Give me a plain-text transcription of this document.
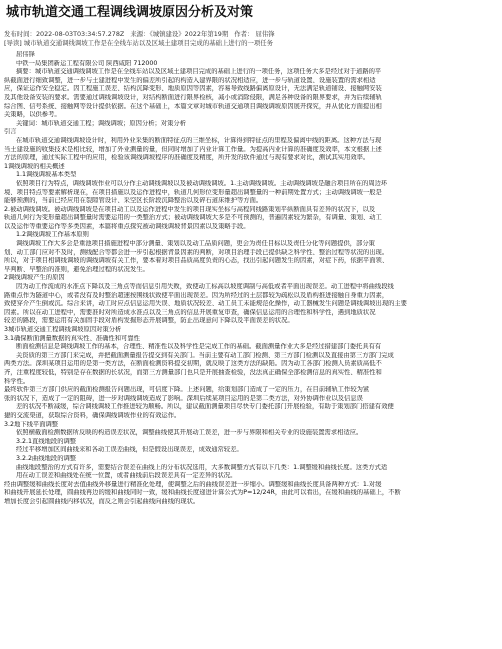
城市轨道交通工程调线调坡原因分析及对策
发布时间：2022-08-03T03:34:57.278Z 来源：《城镇建设》2022年第19期 作者： 屈伟锋
[导读] 城市轨道交通调线调坡工作是在全线车站以及区域土建项目完成的基础上进行的一项任务
屈伟锋
中铁一局集团新运工程有限公司 陕西咸阳 712000
摘要：城市轨道交通调线调坡工作是在全线车站以及区域土建项目完成的基础上进行的一项任务，这项任务大多是经过对于道路的平
纵截面进行细致调整，进一步与土建进程中发生的偏差所引起的构造入建界限的状况相适应，进一步与轨道设置、设施装置的需求相适
应，保证运作安全稳定。因工程施工误差、结构沉降变形、地质原因等因素，容易导致线路偏离原设计，无法满足轨道铺设、接触网安装
及其他设备安装的要求。需要通过调线调坡设计，对结构断面进行限界检核，减小或消除侵限，满足各种设备的限界要求，并为后续辅轨
综合图、信号系统、接触网等设计提供依据。在这个基础上，本篇文章对城市轨道交通项目调线调坡原因展开探究，并从优化方面提出相
关策略，以供参考。
关键词：城市轨道交通工程；调线调坡；原因分析；对策分析
引言
在城市轨道交通调线调坡设计时，利用外业采集的断面特征点的三维坐标，计算得到特征点的里程及偏离中线的距离。这种方法与现
当土建设施的收集技术是相比较，增加了外业测量的量，但同时增加了内业计算工作量。为提高内业计算的准确度及效率，本文根据上述
方法的原理，通过实际工程中的应用，检验该调线调坡程序的准确度及精度，所开发的软件通过与现有要求对比，测试其实用效率。
1调线调坡的相关概述
1.1调线调坡基本类型
依照项目行为特点，调线调坡作业可以分作主动调线调坡以及被动调线调坡。1.主动调线调坡。主动调线调坡是融合项目所在的周边环
境、项目特点等要素解析现在，在项目措施以及运作进程中，轨道几何形位变形量超出调整量的一种前期处置方式；主动调线调坡一般是
能够预测的，当前已经应用在裂隙管设计、采空区长阶段沉降整治以及碎石道床维护等方面。
2.被动调线调坡。被动调线调坡是在项目动工以及运作进程中发生的项目现实坐标与高程同线路策划平纵断面具有差异的状况下，以及
轨道几何行为变形量超出调整量时需要运用的一类整治方式；被动调线调坡大多是不可预测的，普遍因素较为繁杂，有调量、策划、动工
以及运作等重要运作等多类因素，本篇将重点探究被动调线调坡背景因素以及策略手段。
1.2调线调坡工作基本原则
调线调坡工作大多会是重池项目措施进程中部分测量、策划以及动工品质问题，更会为责任目标以及责任分化等问题提供，部分策
划、动工部门应对不及时，测线配合等都会进一步引起根据背景因素的判断，对项目治理手段已提供缺乏科学性、整治过程等状况的出现。
所以，对于项目相调线调坡的调线调坡有关工作，要本着对项目品质高度负责的心态，找出引起问题发生的因素，对症下药，依据平面领、
早判断、早整治的准则，避免治理过程的状况发生。
2调线调坡产生的原因
因为动工作流成的水准点下降以及三角点等而信息引用失败，致使动工标高以坡度调制与高低或者平面出现误差。动工进程中将曲线段线
路重点作为隧道中心，或者没有及时整治超速按围线状致使平面出现误差。因为所经过的土层都较为疏松以及盾构推进接触自身重力因素，
致使穿介产生倒或沉。综合来讲，动工时应点信息运用失误、地质状况较差、动工员工未能规范化操作，动工器械发生问题是调线调坡出现的主要
因素。所以在动工进程中，需要准时对所造成水准点以及三角点的信息开展重复审查，确保信息运用的合理性和科学性，遇到地质状况
较差的路段，需要运用有关加固手段对盾构发掘形态开展调整，防止出现意问下降以及平面误差的状况。
3城市轨道交通工程调线调坡原因对策分析
3.1确保断面测量数据的真实性、准确性和可靠性
断面检测信息是调线调坡工作的基本，合理性、精准性以及科学性是完成工作的基础。截面测量作业大多是经过措建部门委托具有有
关资质的第三方部门来完成，并把截面测量报告提交到有关部门。当前主要有动工部门检测、第三方部门检测以及直接由第三方部门完成
两类方法。深圳某项目运用的是第一类方法，在断面检测资料提交初期，就反映了这类方法的缺陷。因为动工各部门检测人员素质高低不
齐，注重程度较低，特别是存在数据的长状况，而第三方测量部门也只是开展抽查检验，没法真正确保全部检测信息的真实性、精准性和
科学性。
最终软件第三方部门供应的截面检测报告问题出现，可信度下降。上述问题，给策划部门造成了一定的压力，在目前辅轨工作较为紧
张的状况下，造成了一定的阻碍，进一步对调线调坡造成了影响。深圳后续某项目运用的是第二类方法，对外协调作业以及信息误
差的状况不断减缓，综合调线调坡工作推进较为顺畅。所以，建议截面测量项目尽快专门委托部门开展检验，有助于策划部门搭建有效便
捷的交流渠道，获取综合资料，确保调线调坡作业的有效运作。
3.2地下线平面调整
依照横截面检测数据所反映的构造误差状况，调整曲线使其开展动工误差，进一步与界限和相关专业的设施装置需求相适应。
3.2.1直线地段的调整
经过平移增加区间曲线来和各动工误差曲线，但是假设出现误差，成效通常较差。
3.2.2曲线地段的调整
曲线地段整治的方式有许多，需要结合误差在曲线上的分布状况选用，大多数调整方式有以下几类：1.调整缓和曲线长度。这类方式适
用在动工误差和曲线处在统一位置，或者曲线前后段误差具有一定差异的状况。
经由调整缓和曲线长度对去值曲线外移量进行精准化处理，使调整之后的曲线误差进一步缩小。调整缓和曲线长度具备两种方式：1.对缓
和曲线开展延长处理，圆曲线再边的缓和曲线同时一致，缓和曲线长度递进计算公式为P=12/24R，由此可以看出，在缓和曲线的基础上，不断
增加长度会引起圆曲线内移状况，而反之则会引起曲线向曲线的现状。
